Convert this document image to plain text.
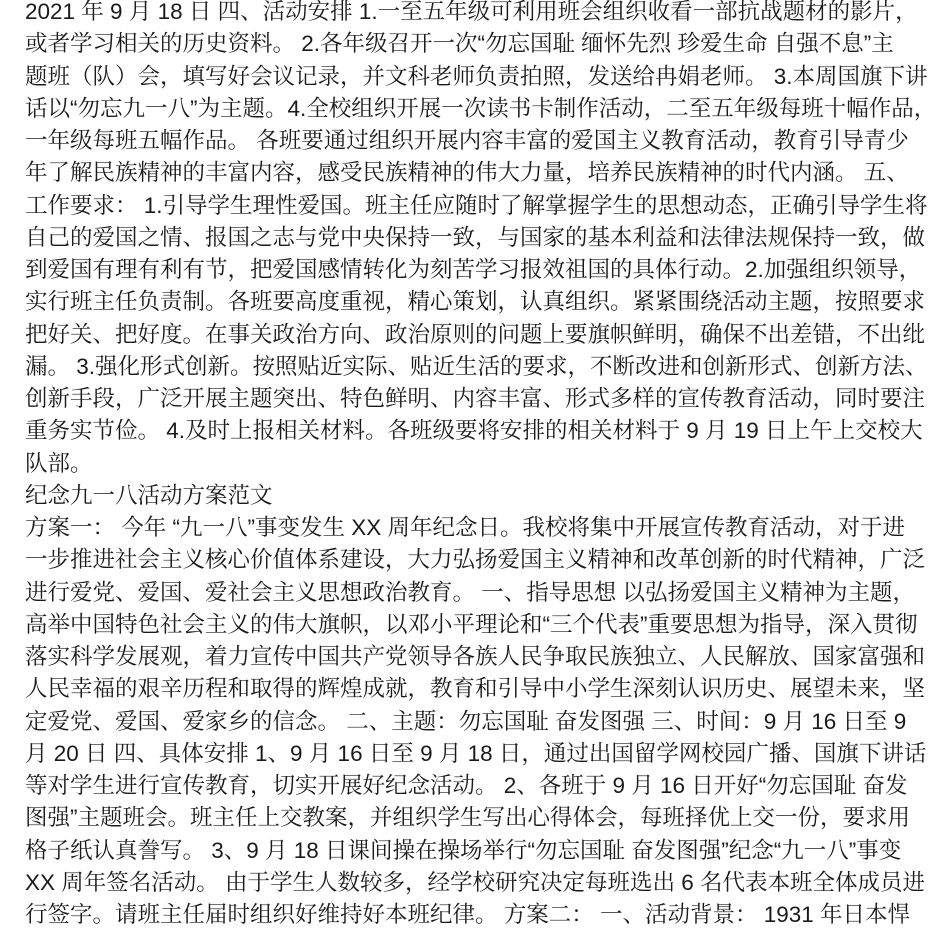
2021 年 9 月 18 日 四、活动安排 1.一至五年级可利用班会组织收看一部抗战题材的影片，
或者学习相关的历史资料。 2.各年级召开一次“勿忘国耻 缅怀先烈 珍爱生命 自强不息”主
题班（队）会，填写好会议记录，并文科老师负责拍照，发送给冉娟老师。 3.本周国旗下讲
话以“勿忘九一八”为主题。4.全校组织开展一次读书卡制作活动，二至五年级每班十幅作品，
一年级每班五幅作品。 各班要通过组织开展内容丰富的爱国主义教育活动，教育引导青少
年了解民族精神的丰富内容，感受民族精神的伟大力量，培养民族精神的时代内涵。 五、
工作要求： 1.引导学生理性爱国。班主任应随时了解掌握学生的思想动态，正确引导学生将
自己的爱国之情、报国之志与党中央保持一致，与国家的基本利益和法律法规保持一致，做
到爱国有理有利有节，把爱国感情转化为刻苦学习报效祖国的具体行动。2.加强组织领导，
实行班主任负责制。各班要高度重视，精心策划，认真组织。紧紧围绕活动主题，按照要求
把好关、把好度。在事关政治方向、政治原则的问题上要旗帜鲜明，确保不出差错，不出纰
漏。 3.强化形式创新。按照贴近实际、贴近生活的要求，不断改进和创新形式、创新方法、
创新手段，广泛开展主题突出、特色鲜明、内容丰富、形式多样的宣传教育活动，同时要注
重务实节俭。 4.及时上报相关材料。各班级要将安排的相关材料于 9 月 19 日上午上交校大
队部。
纪念九一八活动方案范文
方案一： 今年 “九一八”事变发生 XX 周年纪念日。我校将集中开展宣传教育活动，对于进
一步推进社会主义核心价值体系建设，大力弘扬爱国主义精神和改革创新的时代精神，广泛
进行爱党、爱国、爱社会主义思想政治教育。 一、指导思想 以弘扬爱国主义精神为主题，
高举中国特色社会主义的伟大旗帜，以邓小平理论和“三个代表”重要思想为指导，深入贯彻
落实科学发展观，着力宣传中国共产党领导各族人民争取民族独立、人民解放、国家富强和
人民幸福的艰辛历程和取得的辉煌成就，教育和引导中小学生深刻认识历史、展望未来，坚
定爱党、爱国、爱家乡的信念。 二、主题：勿忘国耻 奋发图强 三、时间：9 月 16 日至 9
月 20 日 四、具体安排 1、9 月 16 日至 9 月 18 日，通过出国留学网校园广播、国旗下讲话
等对学生进行宣传教育，切实开展好纪念活动。 2、各班于 9 月 16 日开好“勿忘国耻 奋发
图强”主题班会。班主任上交教案，并组织学生写出心得体会，每班择优上交一份，要求用
格子纸认真誊写。 3、9 月 18 日课间操在操场举行“勿忘国耻 奋发图强”纪念“九一八”事变
XX 周年签名活动。 由于学生人数较多，经学校研究决定每班选出 6 名代表本班全体成员进
行签字。请班主任届时组织好维持好本班纪律。 方案二： 一、活动背景： 1931 年日本悍
